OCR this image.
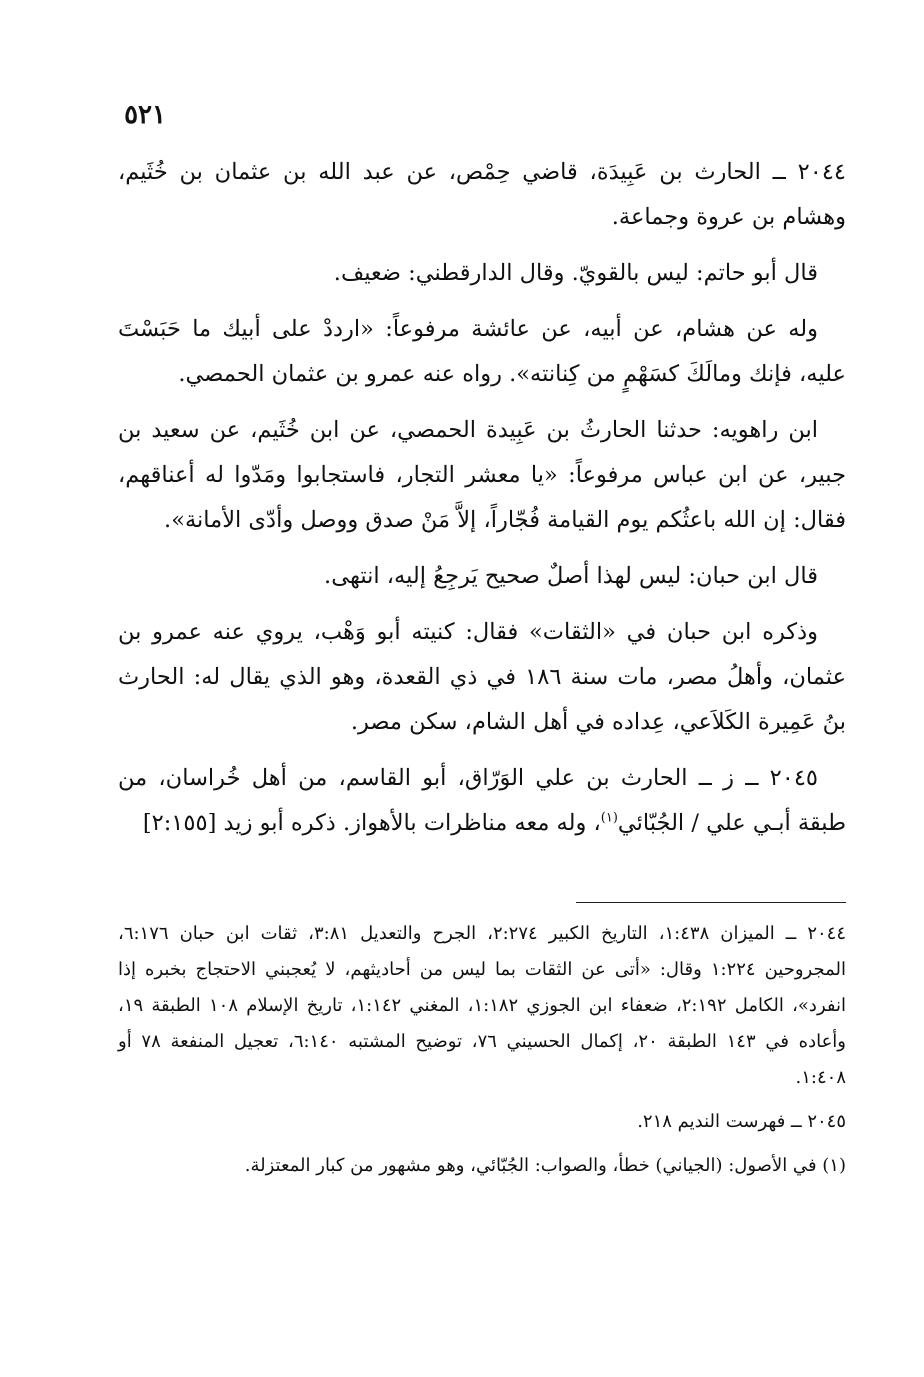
٥٢١

٢٠٤٤ ــ الحارث بن عَبِيدَة، قاضي حِمْص، عن عبد الله بن عثمان بن خُثَيم، وهشام بن عروة وجماعة.

قال أبو حاتم: ليس بالقويّ. وقال الدارقطني: ضعيف.

وله عن هشام، عن أبيه، عن عائشة مرفوعاً: «ارددْ على أبيك ما حَبَسْتَ عليه، فإنك ومالَكَ كسَهْمٍ من كِنانته». رواه عنه عمرو بن عثمان الحمصي.

ابن راهويه: حدثنا الحارثُ بن عَبِيدة الحمصي، عن ابن خُثَيم، عن سعيد بن جبير، عن ابن عباس مرفوعاً: «يا معشر التجار، فاستجابوا ومَدّوا له أعناقهم، فقال: إن الله باعثُكم يوم القيامة فُجّاراً، إلاَّ مَنْ صدق ووصل وأدّى الأمانة».

قال ابن حبان: ليس لهذا أصلٌ صحيح يَرجِعُ إليه، انتهى.

وذكره ابن حبان في «الثقات» فقال: كنيته أبو وَهْب، يروي عنه عمرو بن عثمان، وأهلُ مصر، مات سنة ١٨٦ في ذي القعدة، وهو الذي يقال له: الحارث بنُ عَمِيرة الكَلاَعي، عِداده في أهل الشام، سكن مصر.

٢٠٤٥ ــ ز ــ الحارث بن علي الوَرّاق، أبو القاسم، من أهل خُراسان، من طبقة أبـي علي / الجُبّائي$^{(١)}$، وله معه مناظرات بالأهواز. ذكره أبو زيد [٢:١٥٥]

٢٠٤٤ ــ الميزان ١:٤٣٨، التاريخ الكبير ٢:٢٧٤، الجرح والتعديل ٣:٨١، ثقات ابن حبان ٦:١٧٦، المجروحين ١:٢٢٤ وقال: «أتى عن الثقات بما ليس من أحاديثهم، لا يُعجبني الاحتجاج بخبره إذا انفرد»، الكامل ٢:١٩٢، ضعفاء ابن الجوزي ١:١٨٢، المغني ١:١٤٢، تاريخ الإسلام ١٠٨ الطبقة ١٩، وأعاده في ١٤٣ الطبقة ٢٠، إكمال الحسيني ٧٦، توضيح المشتبه ٦:١٤٠، تعجيل المنفعة ٧٨ أو ١:٤٠٨.

٢٠٤٥ ــ فهرست النديم ٢١٨.

(١) في الأصول: (الجياني) خطأ، والصواب: الجُبّائي، وهو مشهور من كبار المعتزلة.
